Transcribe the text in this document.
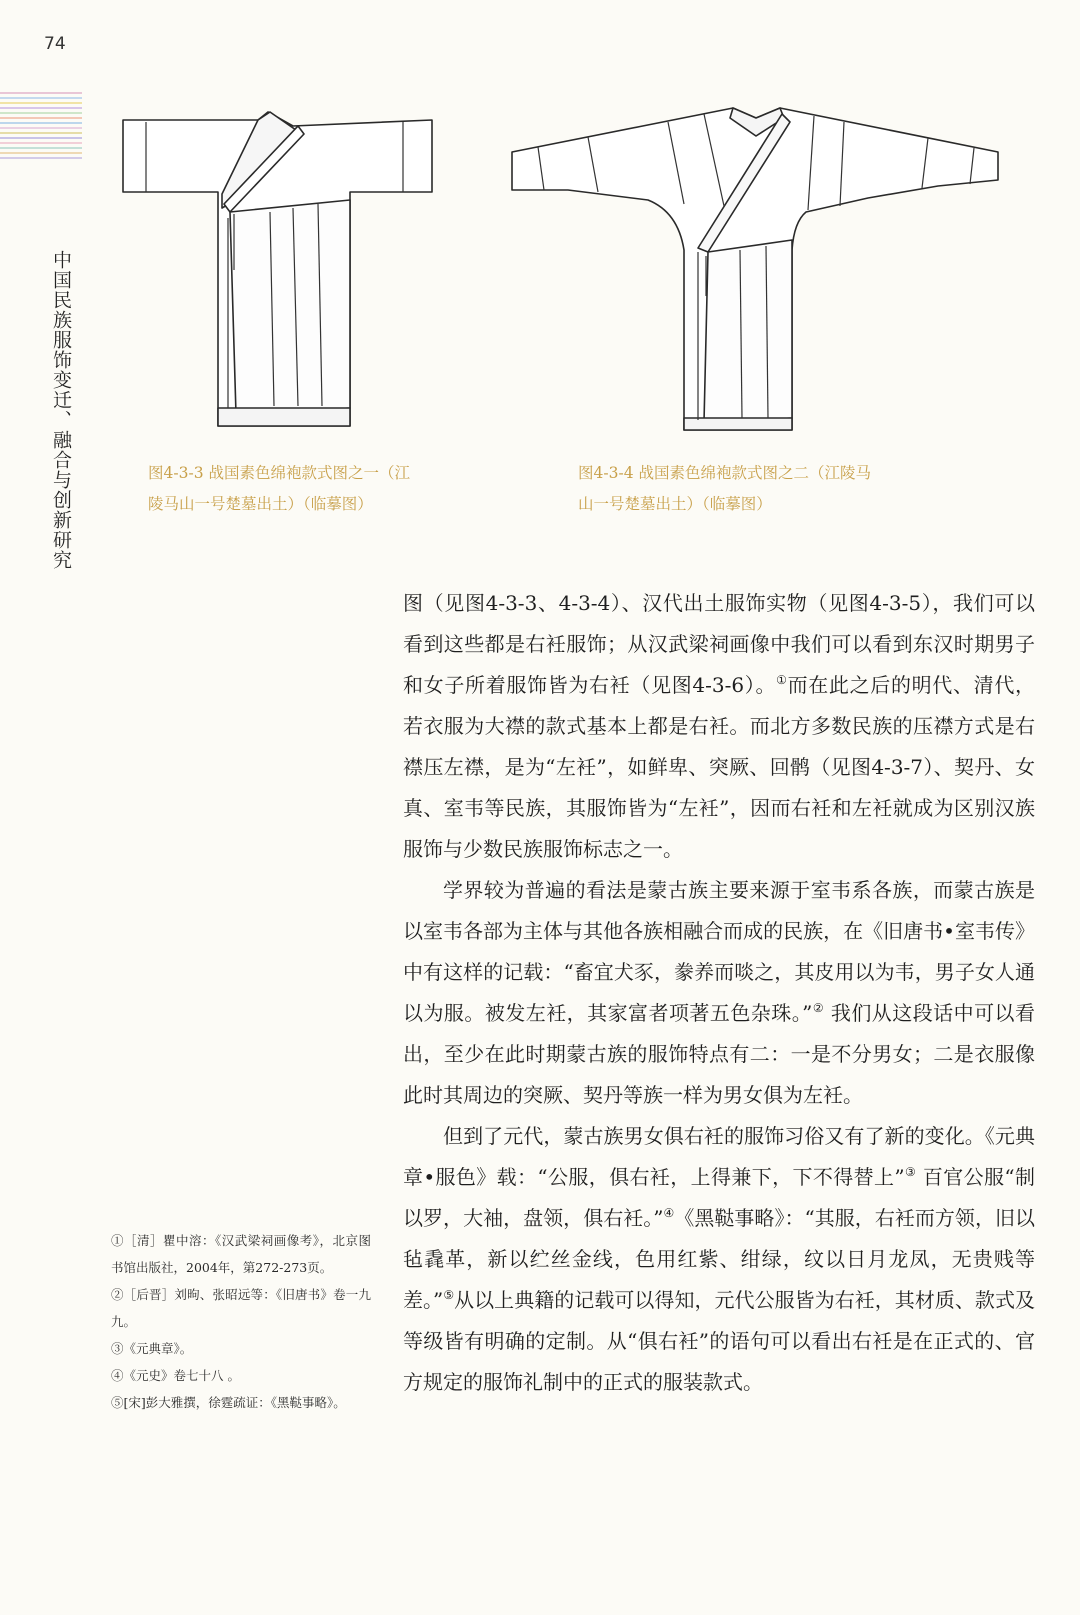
74
中国民族服饰变迁、融合与创新研究	图4-3-3 战国素色绵袍款式图之一（江
陵马山一号楚墓出土）（临摹图）
图4-3-4 战国素色绵袍款式图之二（江陵马
山一号楚墓出土）（临摹图）

图（见图4-3-3、4-3-4）、汉代出土服饰实物（见图4-3-5），我们可以看到这些都是右衽服饰；从汉武梁祠画像中我们可以看到东汉时期男子和女子所着服饰皆为右衽（见图4-3-6）。①而在此之后的明代、清代，若衣服为大襟的款式基本上都是右衽。而北方多数民族的压襟方式是右襟压左襟，是为“左衽”，如鲜卑、突厥、回鹘（见图4-3-7）、契丹、女真、室韦等民族，其服饰皆为“左衽”，因而右衽和左衽就成为区别汉族服饰与少数民族服饰标志之一。

学界较为普遍的看法是蒙古族主要来源于室韦系各族，而蒙古族是以室韦各部为主体与其他各族相融合而成的民族，在《旧唐书•室韦传》中有这样的记载：“畜宜犬豕，豢养而啖之，其皮用以为韦，男子女人通以为服。被发左衽，其家富者项著五色杂珠。”② 我们从这段话中可以看出，至少在此时期蒙古族的服饰特点有二：一是不分男女；二是衣服像此时其周边的突厥、契丹等族一样为男女俱为左衽。

但到了元代，蒙古族男女俱右衽的服饰习俗又有了新的变化。《元典章•服色》载：“公服，俱右衽，上得兼下，下不得替上”③ 百官公服“制以罗，大袖，盘领，俱右衽。”④《黑鞑事略》：“其服，右衽而方领，旧以毡毳革，新以纻丝金线，色用红紫、绀绿，纹以日月龙凤，无贵贱等差。”⑤从以上典籍的记载可以得知，元代公服皆为右衽，其材质、款式及等级皆有明确的定制。从“俱右衽”的语句可以看出右衽是在正式的、官方规定的服饰礼制中的正式的服装款式。

①［清］瞿中溶：《汉武梁祠画像考》，北京图书馆出版社，2004年，第272-273页。

②［后晋］刘昫、张昭远等：《旧唐书》卷一九九。

③《元典章》。

④《元史》卷七十八 。

⑤[宋]彭大雅撰，徐霆疏证：《黑鞑事略》。
